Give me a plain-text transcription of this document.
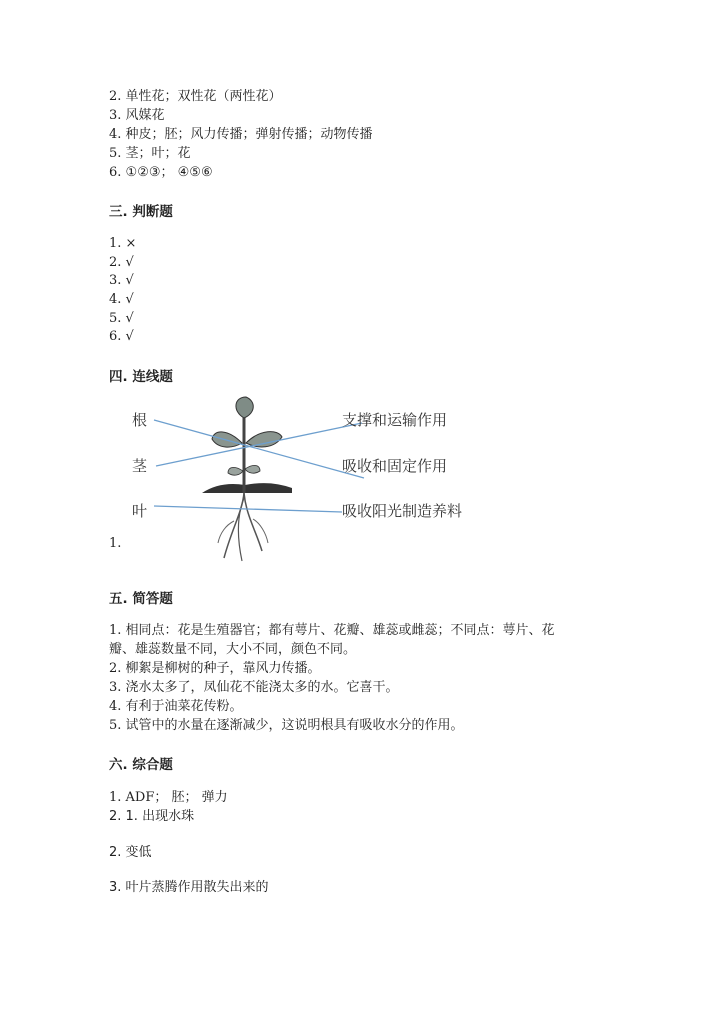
2. 单性花；双性花（两性花）
3. 风媒花
4. 种皮；胚；风力传播；弹射传播；动物传播
5. 茎；叶；花
6. ①②③； ④⑤⑥
三. 判断题
1. ×
2. √
3. √
4. √
5. √
6. √
四. 连线题
1.
根
茎
叶
支撑和运输作用
吸收和固定作用
吸收阳光制造养料
五. 简答题
1. 相同点：花是生殖器官；都有萼片、花瓣、雄蕊或雌蕊；不同点：萼片、花
瓣、雄蕊数量不同，大小不同，颜色不同。
2. 柳絮是柳树的种子，靠风力传播。
3. 浇水太多了，凤仙花不能浇太多的水。它喜干。
4. 有利于油菜花传粉。
5. 试管中的水量在逐渐减少，这说明根具有吸收水分的作用。
六. 综合题
1. ADF； 胚； 弹力
2. 1. 出现水珠
2. 变低
3. 叶片蒸腾作用散失出来的
